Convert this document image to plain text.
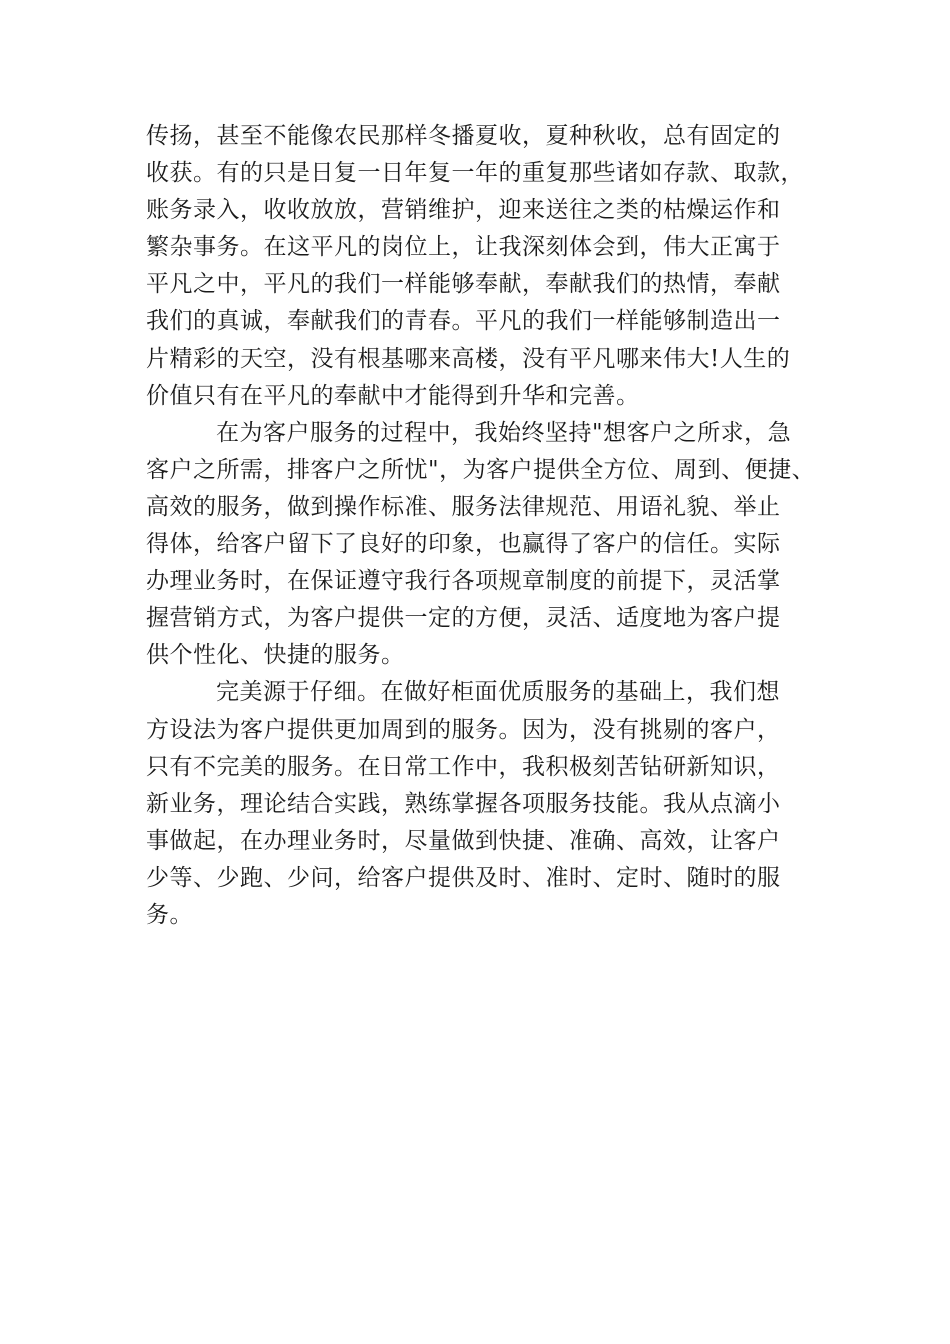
传扬，甚至不能像农民那样冬播夏收，夏种秋收，总有固定的
收获。有的只是日复一日年复一年的重复那些诸如存款、取款，
账务录入，收收放放，营销维护，迎来送往之类的枯燥运作和
繁杂事务。在这平凡的岗位上，让我深刻体会到，伟大正寓于
平凡之中，平凡的我们一样能够奉献，奉献我们的热情，奉献
我们的真诚，奉献我们的青春。平凡的我们一样能够制造出一
片精彩的天空，没有根基哪来高楼，没有平凡哪来伟大!人生的
价值只有在平凡的奉献中才能得到升华和完善。
在为客户服务的过程中，我始终坚持"想客户之所求，急
客户之所需，排客户之所忧"，为客户提供全方位、周到、便捷、
高效的服务，做到操作标准、服务法律规范、用语礼貌、举止
得体，给客户留下了良好的印象，也赢得了客户的信任。实际
办理业务时，在保证遵守我行各项规章制度的前提下，灵活掌
握营销方式，为客户提供一定的方便，灵活、适度地为客户提
供个性化、快捷的服务。
完美源于仔细。在做好柜面优质服务的基础上，我们想
方设法为客户提供更加周到的服务。因为，没有挑剔的客户，
只有不完美的服务。在日常工作中，我积极刻苦钻研新知识，
新业务，理论结合实践，熟练掌握各项服务技能。我从点滴小
事做起，在办理业务时，尽量做到快捷、准确、高效，让客户
少等、少跑、少问，给客户提供及时、准时、定时、随时的服
务。
